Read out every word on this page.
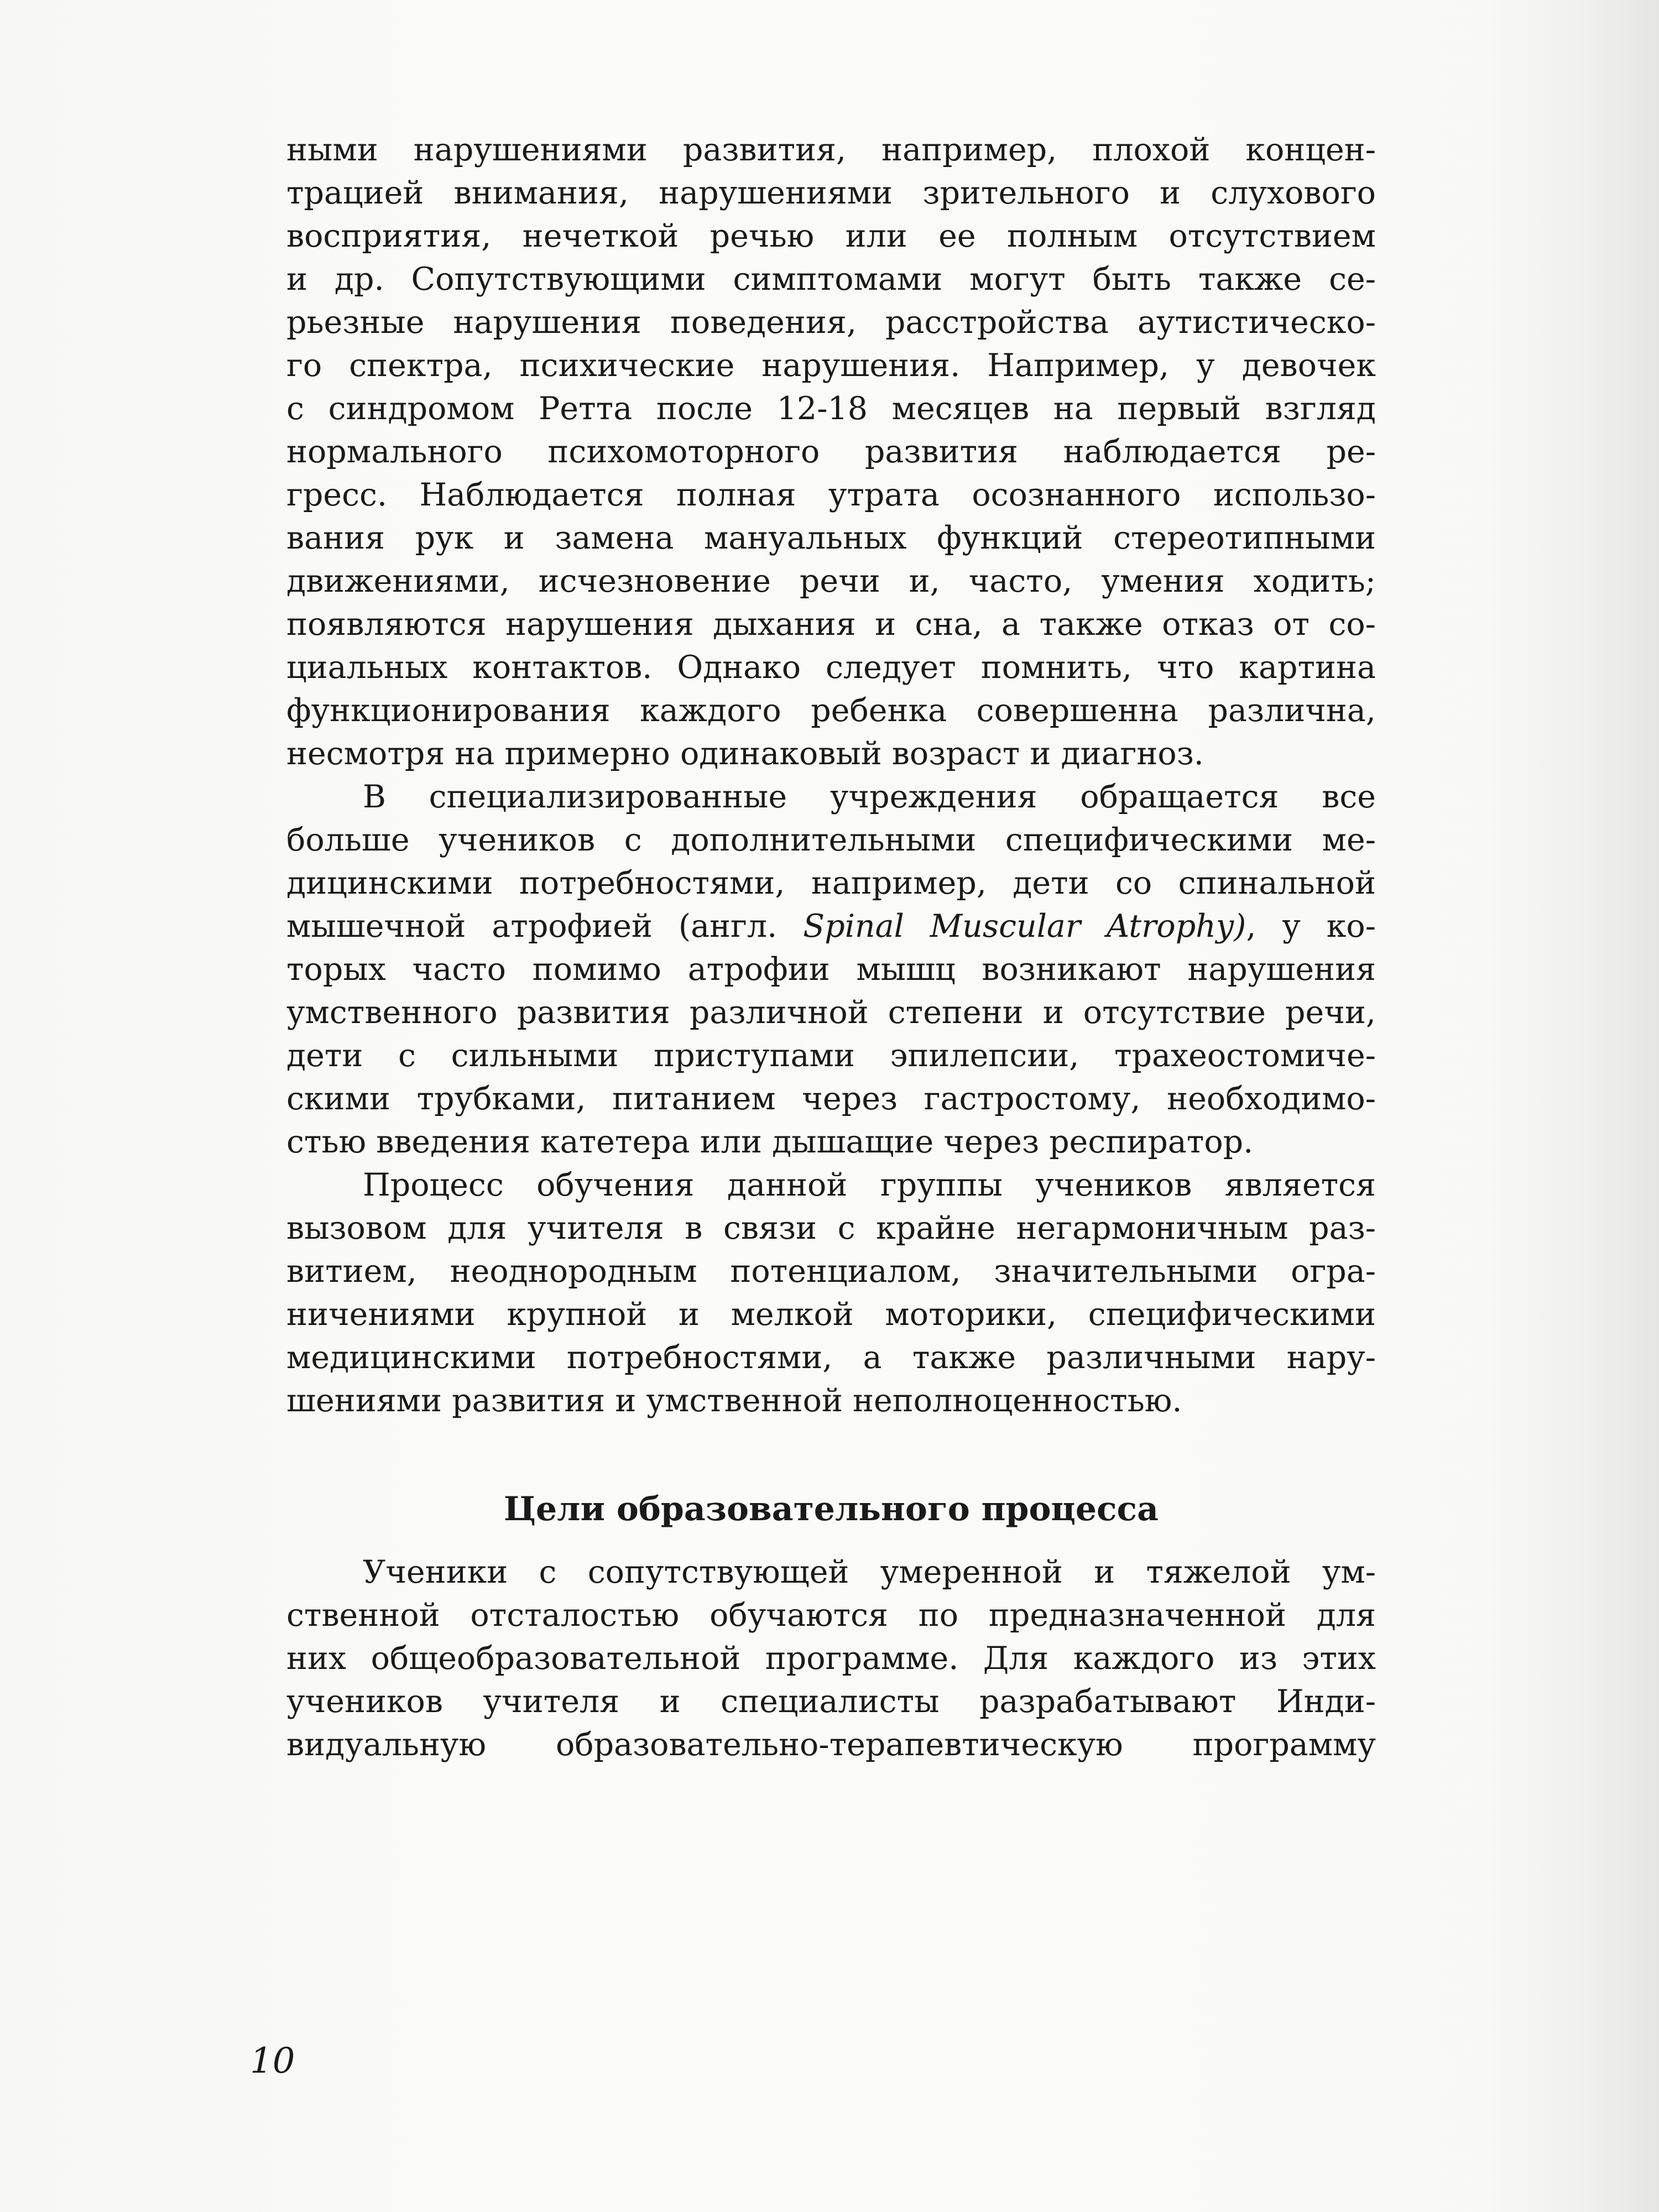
ными нарушениями развития, например, плохой концен-
трацией внимания, нарушениями зрительного и слухового
восприятия, нечеткой речью или ее полным отсутствием
и др. Сопутствующими симптомами могут быть также се-
рьезные нарушения поведения, расстройства аутистическо-
го спектра, психические нарушения. Например, у девочек
с синдромом Ретта после 12-18 месяцев на первый взгляд
нормального психомоторного развития наблюдается ре-
гресс. Наблюдается полная утрата осознанного использо-
вания рук и замена мануальных функций стереотипными
движениями, исчезновение речи и, часто, умения ходить;
появляются нарушения дыхания и сна, а также отказ от со-
циальных контактов. Однако следует помнить, что картина
функционирования каждого ребенка совершенна различна,
несмотря на примерно одинаковый возраст и диагноз.
В специализированные учреждения обращается все
больше учеников с дополнительными специфическими ме-
дицинскими потребностями, например, дети со спинальной
мышечной атрофией (англ. Spinal Muscular Atrophy), у ко-
торых часто помимо атрофии мышц возникают нарушения
умственного развития различной степени и отсутствие речи,
дети с сильными приступами эпилепсии, трахеостомиче-
скими трубками, питанием через гастростому, необходимо-
стью введения катетера или дышащие через респиратор.
Процесс обучения данной группы учеников является
вызовом для учителя в связи с крайне негармоничным раз-
витием, неоднородным потенциалом, значительными огра-
ничениями крупной и мелкой моторики, специфическими
медицинскими потребностями, а также различными нару-
шениями развития и умственной неполноценностью.
Цели образовательного процесса
Ученики с сопутствующей умеренной и тяжелой ум-
ственной отсталостью обучаются по предназначенной для
них общеобразовательной программе. Для каждого из этих
учеников учителя и специалисты разрабатывают Инди-
видуальную образовательно-терапевтическую программу
10
